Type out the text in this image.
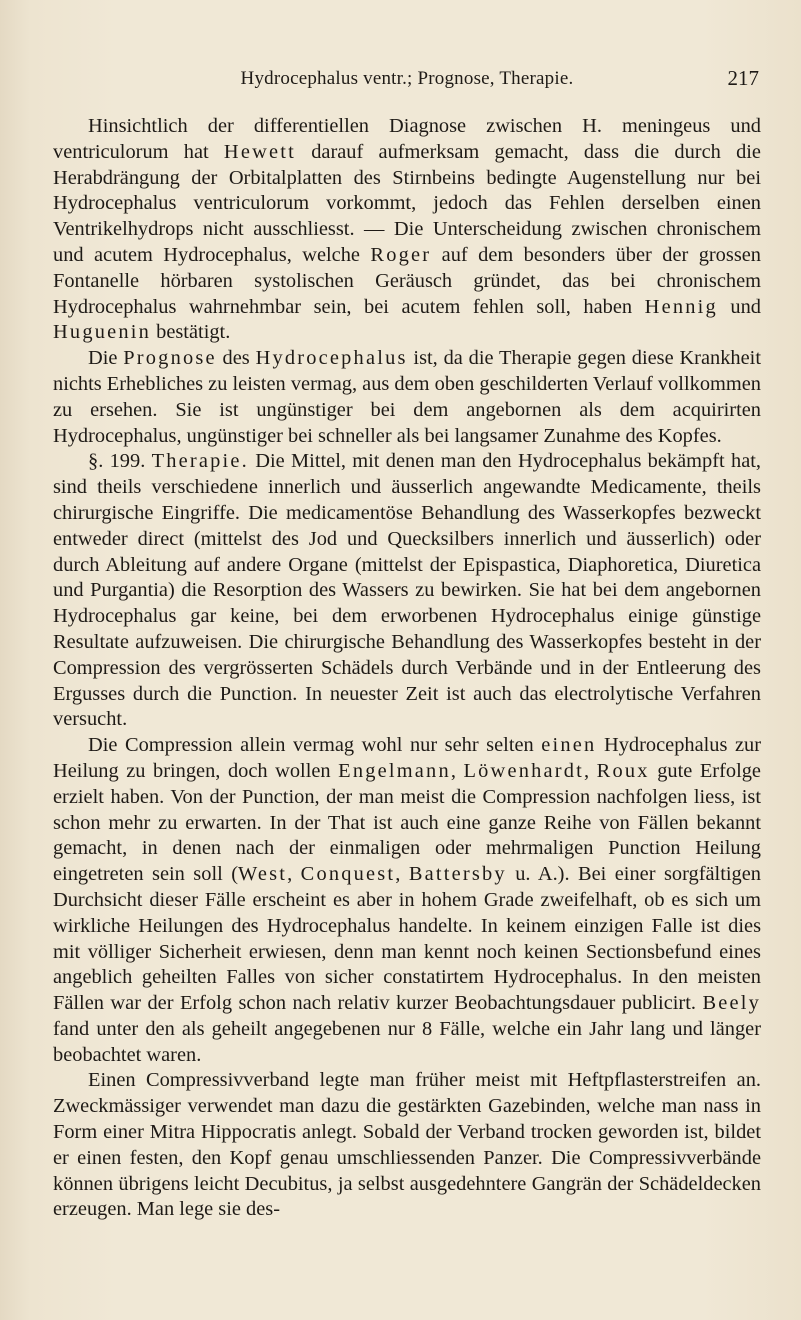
Hydrocephalus ventr.; Prognose, Therapie.	217

Hinsichtlich der differentiellen Diagnose zwischen H. meningeus und ventriculorum hat Hewett darauf aufmerksam gemacht, dass die durch die Herabdrängung der Orbitalplatten des Stirnbeins bedingte Augenstellung nur bei Hydrocephalus ventriculorum vorkommt, jedoch das Fehlen derselben einen Ventrikelhydrops nicht ausschliesst. — Die Unterscheidung zwischen chronischem und acutem Hydrocephalus, welche Roger auf dem besonders über der grossen Fontanelle hörbaren systolischen Geräusch gründet, das bei chronischem Hydrocephalus wahrnehmbar sein, bei acutem fehlen soll, haben Hennig und Huguenin bestätigt.

Die Prognose des Hydrocephalus ist, da die Therapie gegen diese Krankheit nichts Erhebliches zu leisten vermag, aus dem oben geschilderten Verlauf vollkommen zu ersehen. Sie ist ungünstiger bei dem angebornen als dem acquirirten Hydrocephalus, ungünstiger bei schneller als bei langsamer Zunahme des Kopfes.

§. 199. Therapie. Die Mittel, mit denen man den Hydrocephalus bekämpft hat, sind theils verschiedene innerlich und äusserlich angewandte Medicamente, theils chirurgische Eingriffe. Die medicamentöse Behandlung des Wasserkopfes bezweckt entweder direct (mittelst des Jod und Quecksilbers innerlich und äusserlich) oder durch Ableitung auf andere Organe (mittelst der Epispastica, Diaphoretica, Diuretica und Purgantia) die Resorption des Wassers zu bewirken. Sie hat bei dem angebornen Hydrocephalus gar keine, bei dem erworbenen Hydrocephalus einige günstige Resultate aufzuweisen. Die chirurgische Behandlung des Wasserkopfes besteht in der Compression des vergrösserten Schädels durch Verbände und in der Entleerung des Ergusses durch die Punction. In neuester Zeit ist auch das electrolytische Verfahren versucht.

Die Compression allein vermag wohl nur sehr selten einen Hydrocephalus zur Heilung zu bringen, doch wollen Engelmann, Löwenhardt, Roux gute Erfolge erzielt haben. Von der Punction, der man meist die Compression nachfolgen liess, ist schon mehr zu erwarten. In der That ist auch eine ganze Reihe von Fällen bekannt gemacht, in denen nach der einmaligen oder mehrmaligen Punction Heilung eingetreten sein soll (West, Conquest, Battersby u. A.). Bei einer sorgfältigen Durchsicht dieser Fälle erscheint es aber in hohem Grade zweifelhaft, ob es sich um wirkliche Heilungen des Hydrocephalus handelte. In keinem einzigen Falle ist dies mit völliger Sicherheit erwiesen, denn man kennt noch keinen Sectionsbefund eines angeblich geheilten Falles von sicher constatirtem Hydrocephalus. In den meisten Fällen war der Erfolg schon nach relativ kurzer Beobachtungsdauer publicirt. Beely fand unter den als geheilt angegebenen nur 8 Fälle, welche ein Jahr lang und länger beobachtet waren.

Einen Compressivverband legte man früher meist mit Heftpflasterstreifen an. Zweckmässiger verwendet man dazu die gestärkten Gazebinden, welche man nass in Form einer Mitra Hippocratis anlegt. Sobald der Verband trocken geworden ist, bildet er einen festen, den Kopf genau umschliessenden Panzer. Die Compressivverbände können übrigens leicht Decubitus, ja selbst ausgedehntere Gangrän der Schädeldecken erzeugen. Man lege sie des-
